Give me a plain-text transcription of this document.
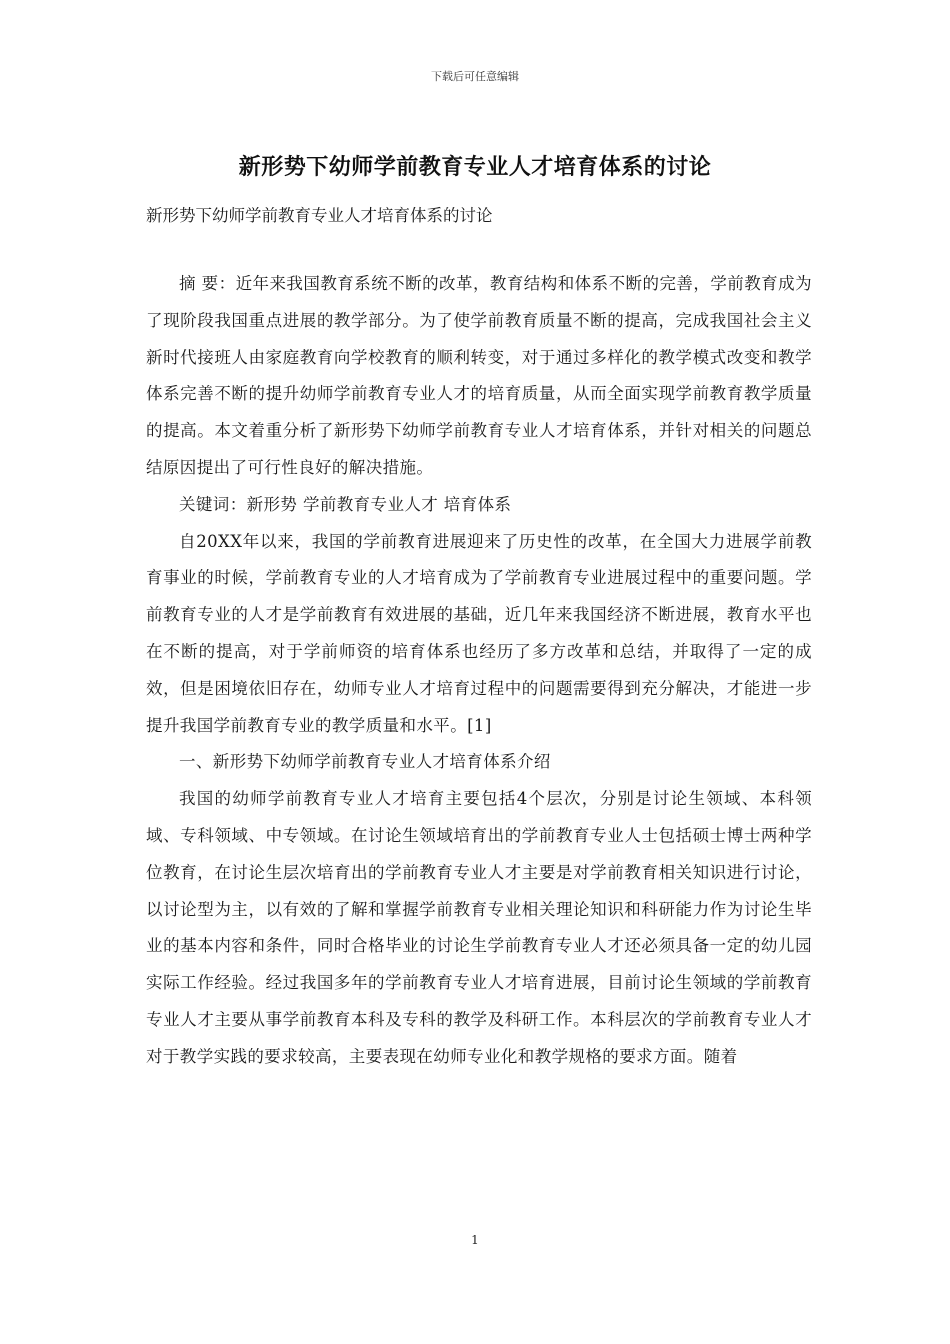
下载后可任意编辑
新形势下幼师学前教育专业人才培育体系的讨论

新形势下幼师学前教育专业人才培育体系的讨论

摘 要：近年来我国教育系统不断的改革，教育结构和体系不断的完善，学前教育成为了现阶段我国重点进展的教学部分。为了使学前教育质量不断的提高，完成我国社会主义新时代接班人由家庭教育向学校教育的顺利转变，对于通过多样化的教学模式改变和教学体系完善不断的提升幼师学前教育专业人才的培育质量，从而全面实现学前教育教学质量的提高。本文着重分析了新形势下幼师学前教育专业人才培育体系，并针对相关的问题总结原因提出了可行性良好的解决措施。

关键词：新形势 学前教育专业人才 培育体系

自20XX年以来，我国的学前教育进展迎来了历史性的改革，在全国大力进展学前教育事业的时候，学前教育专业的人才培育成为了学前教育专业进展过程中的重要问题。学前教育专业的人才是学前教育有效进展的基础，近几年来我国经济不断进展，教育水平也在不断的提高，对于学前师资的培育体系也经历了多方改革和总结，并取得了一定的成效，但是困境依旧存在，幼师专业人才培育过程中的问题需要得到充分解决，才能进一步提升我国学前教育专业的教学质量和水平。[1]

一、新形势下幼师学前教育专业人才培育体系介绍

我国的幼师学前教育专业人才培育主要包括4个层次，分别是讨论生领域、本科领域、专科领域、中专领域。在讨论生领域培育出的学前教育专业人士包括硕士博士两种学位教育，在讨论生层次培育出的学前教育专业人才主要是对学前教育相关知识进行讨论，以讨论型为主，以有效的了解和掌握学前教育专业相关理论知识和科研能力作为讨论生毕业的基本内容和条件，同时合格毕业的讨论生学前教育专业人才还必须具备一定的幼儿园实际工作经验。经过我国多年的学前教育专业人才培育进展，目前讨论生领域的学前教育专业人才主要从事学前教育本科及专科的教学及科研工作。本科层次的学前教育专业人才对于教学实践的要求较高，主要表现在幼师专业化和教学规格的要求方面。随着

1
